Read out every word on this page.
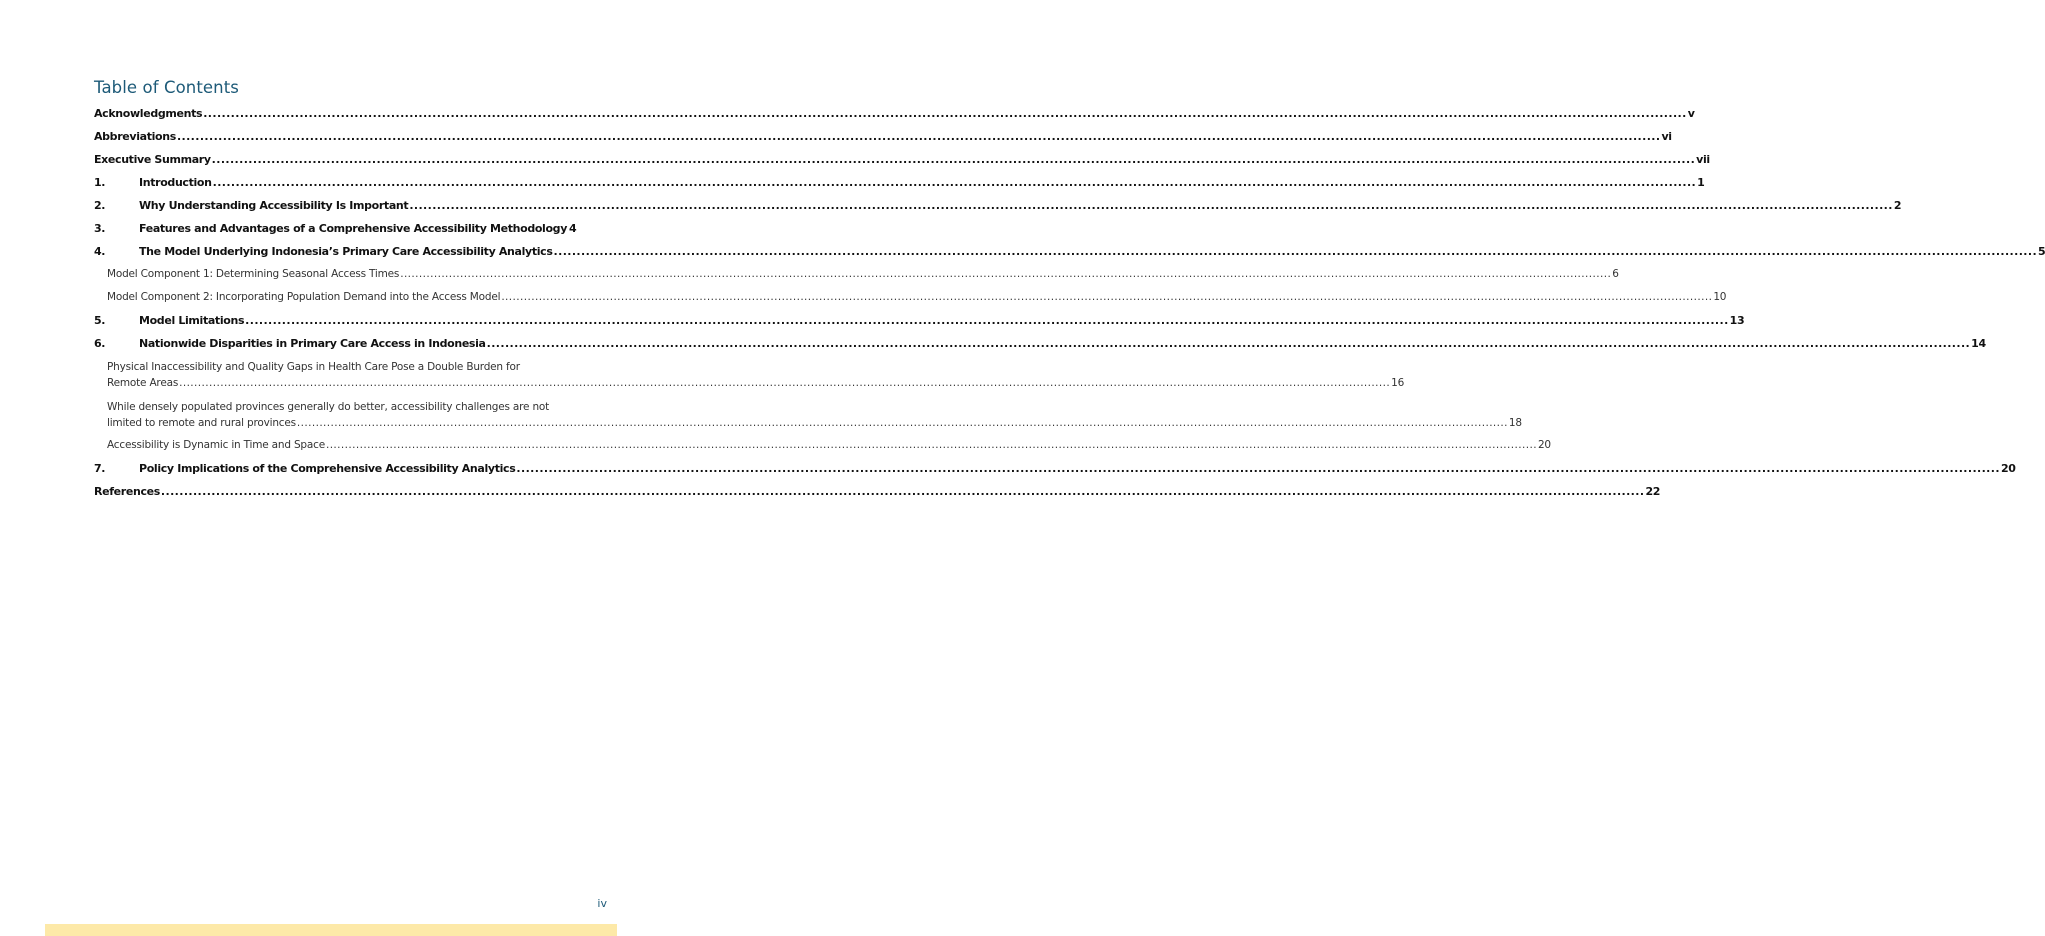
Table of Contents
Acknowledgments .....	v
Abbreviations .....	vi
Executive Summary .....	vii
1.	Introduction .....	1
2.	Why Understanding Accessibility Is Important .....	2
3.	Features and Advantages of a Comprehensive Accessibility Methodology 4
4.	The Model Underlying Indonesia’s Primary Care Accessibility Analytics .....	5
Model Component 1: Determining Seasonal Access Times .....	6
Model Component 2: Incorporating Population Demand into the Access Model .....	10
5.	Model Limitations .....	13
6.	Nationwide Disparities in Primary Care Access in Indonesia .....	14
Physical Inaccessibility and Quality Gaps in Health Care Pose a Double Burden for
Remote Areas .....	16
While densely populated provinces generally do better, accessibility challenges are not
limited to remote and rural provinces .....	18
Accessibility is Dynamic in Time and Space .....	20
7.	Policy Implications of the Comprehensive Accessibility Analytics .....	20
References .....	22
iv
